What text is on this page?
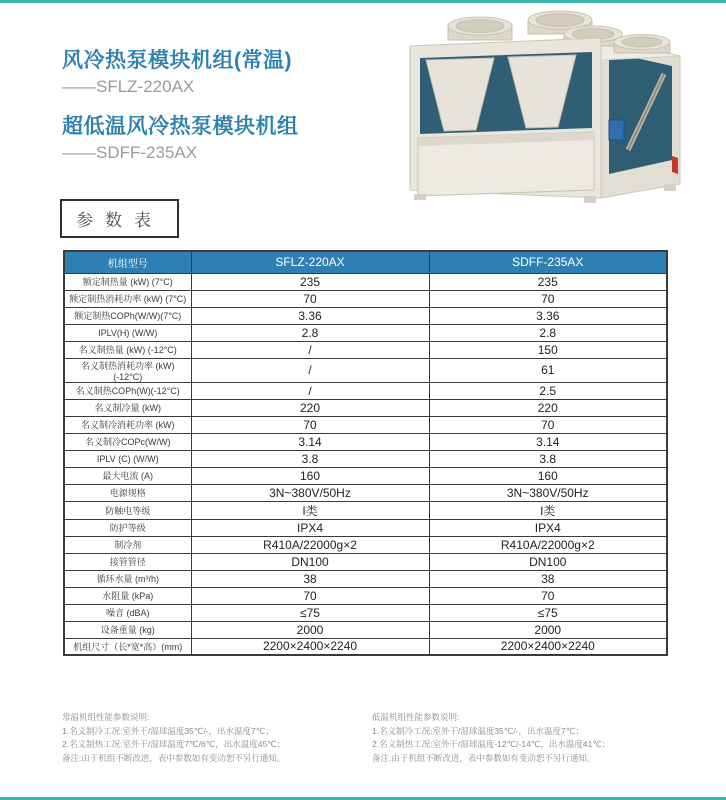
风冷热泵模块机组(常温)
——SFLZ-220AX
超低温风冷热泵模块机组
——SDFF-235AX
参数表
机组型号	SFLZ-220AX	SDFF-235AX
额定制热量 (kW) (7°C)	235	235
额定制热消耗功率 (kW) (7°C)	70	70
额定制热COPh(W/W)(7°C)	3.36	3.36
IPLV(H) (W/W)	2.8	2.8
名义制热量 (kW) (-12°C)	/	150
名义制热消耗功率 (kW) (-12°C)	/	61
名义制热COPh(W)(-12°C)	/	2.5
名义制冷量 (kW)	220	220
名义制冷消耗功率 (kW)	70	70
名义制冷COPc(W/W)	3.14	3.14
IPLV (C) (W/W)	3.8	3.8
最大电流 (A)	160	160
电源规格	3N~380V/50Hz	3N~380V/50Hz
防触电等级	I类	I类
防护等级	IPX4	IPX4
制冷剂	R410A/22000g×2	R410A/22000g×2
接管管径	DN100	DN100
循环水量 (m³/h)	38	38
水阻量 (kPa)	70	70
噪音 (dBA)	≤75	≤75
设备重量 (kg)	2000	2000
机组尺寸（长*宽*高）(mm)	2200×2400×2240	2200×2400×2240
常温机组性能参数说明:
1.名义制冷工况:室外干/湿球温度35℃/-，出水温度7℃；
2.名义制热工况:室外干/湿球温度7℃/6℃，出水温度45℃；
备注:由于机组不断改进，表中参数如有变动恕不另行通知。
低温机组性能参数说明:
1.名义制冷工况:室外干/湿球温度35℃/-，出水温度7℃；
2.名义制热工况:室外干/湿球温度-12℃/-14℃，出水温度41℃；
备注:由于机组不断改进，表中参数如有变动恕不另行通知。
